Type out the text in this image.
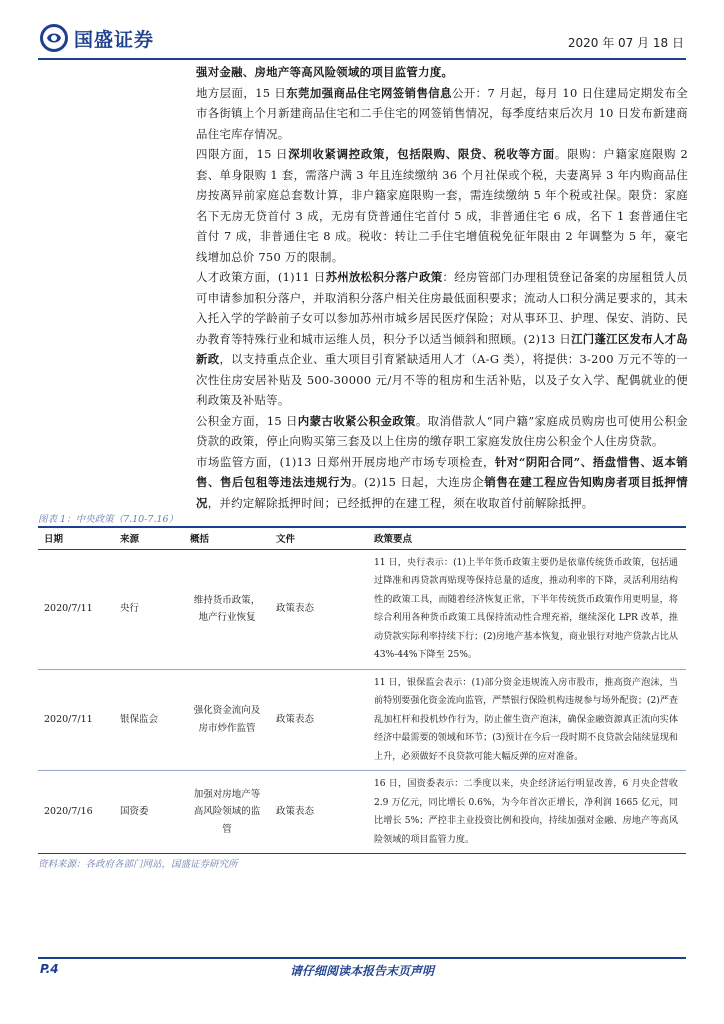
国盛证券	2020 年 07 月 18 日

强对金融、房地产等高风险领域的项目监管力度。

地方层面，15 日东莞加强商品住宅网签销售信息公开：7 月起，每月 10 日住建局定期发布全市各街镇上个月新建商品住宅和二手住宅的网签销售情况，每季度结束后次月 10 日发布新建商品住宅库存情况。

四限方面，15 日深圳收紧调控政策，包括限购、限贷、税收等方面。限购：户籍家庭限购 2 套、单身限购 1 套，需落户满 3 年且连续缴纳 36 个月社保或个税，夫妻离异 3 年内购商品住房按离异前家庭总套数计算，非户籍家庭限购一套，需连续缴纳 5 年个税或社保。限贷：家庭名下无房无贷首付 3 成，无房有贷普通住宅首付 5 成，非普通住宅 6 成，名下 1 套普通住宅首付 7 成，非普通住宅 8 成。税收：转让二手住宅增值税免征年限由 2 年调整为 5 年，豪宅线增加总价 750 万的限制。

人才政策方面，(1)11 日苏州放松积分落户政策：经房管部门办理租赁登记备案的房屋租赁人员可申请参加积分落户，并取消积分落户相关住房最低面积要求；流动人口积分满足要求的，其未入托入学的学龄前子女可以参加苏州市城乡居民医疗保险；对从事环卫、护理、保安、消防、民办教育等特殊行业和城市运维人员，积分予以适当倾斜和照顾。(2)13 日江门蓬江区发布人才岛新政，以支持重点企业、重大项目引育紧缺适用人才（A-G 类），将提供：3-200 万元不等的一次性住房安居补贴及 500-30000 元/月不等的租房和生活补贴，以及子女入学、配偶就业的便利政策及补贴等。

公积金方面，15 日内蒙古收紧公积金政策。取消借款人“同户籍”家庭成员购房也可使用公积金贷款的政策，停止向购买第三套及以上住房的缴存职工家庭发放住房公积金个人住房贷款。

市场监管方面，(1)13 日郑州开展房地产市场专项检查，针对“阴阳合同”、捂盘惜售、返本销售、售后包租等违法违规行为。(2)15 日起，大连房企销售在建工程应告知购房者项目抵押情况，并约定解除抵押时间；已经抵押的在建工程，须在收取首付前解除抵押。

图表 1：中央政策（7.10-7.16）
日期	来源	概括	文件	政策要点
2020/7/11	央行	维持货币政策，地产行业恢复	政策表态	11 日，央行表示：(1)上半年货币政策主要仍是依靠传统货币政策，包括通过降准和再贷款再贴现等保持总量的适度，推动利率的下降，灵活利用结构性的政策工具，而随着经济恢复正常，下半年传统货币政策作用更明显，将综合利用各种货币政策工具保持流动性合理充裕，继续深化 LPR 改革，推动贷款实际利率持续下行；(2)房地产基本恢复，商业银行对地产贷款占比从 43%-44%下降至 25%。
2020/7/11	银保监会	强化资金流向及房市炒作监管	政策表态	11 日，银保监会表示：(1)部分资金违规流入房市股市，推高资产泡沫，当前特别要强化资金流向监管，严禁银行保险机构违规参与场外配资；(2)严查乱加杠杆和投机炒作行为，防止催生资产泡沫，确保金融资源真正流向实体经济中最需要的领域和环节；(3)预计在今后一段时期不良贷款会陆续显现和上升，必须做好不良贷款可能大幅反弹的应对准备。
2020/7/16	国资委	加强对房地产等高风险领域的监管	政策表态	16 日，国资委表示：二季度以来，央企经济运行明显改善，6 月央企营收 2.9 万亿元，同比增长 0.6%，为今年首次正增长，净利润 1665 亿元，同比增长 5%；严控非主业投资比例和投向，持续加强对金融、房地产等高风险领域的项目监管力度。
资料来源：各政府各部门网站，国盛证券研究所
P.4	请仔细阅读本报告末页声明
